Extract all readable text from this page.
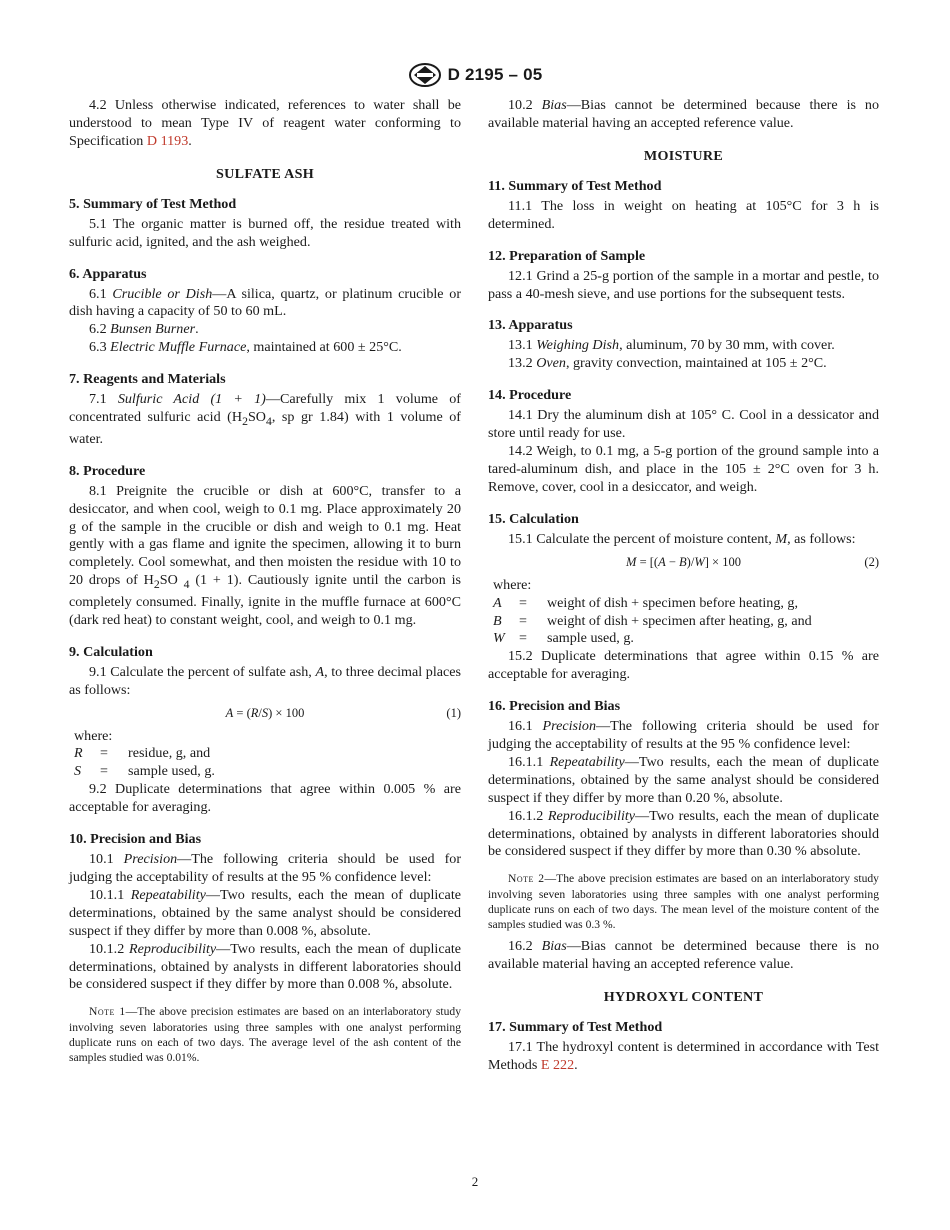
D 2195 – 05

4.2 Unless otherwise indicated, references to water shall be understood to mean Type IV of reagent water conforming to Specification D 1193.

SULFATE ASH
5. Summary of Test Method

5.1 The organic matter is burned off, the residue treated with sulfuric acid, ignited, and the ash weighed.

6. Apparatus

6.1 Crucible or Dish—A silica, quartz, or platinum crucible or dish having a capacity of 50 to 60 mL.

6.2 Bunsen Burner.

6.3 Electric Muffle Furnace, maintained at 600 ± 25°C.

7. Reagents and Materials

7.1 Sulfuric Acid (1 + 1)—Carefully mix 1 volume of concentrated sulfuric acid ($H_2SO_4$, sp gr 1.84) with 1 volume of water.

8. Procedure

8.1 Preignite the crucible or dish at 600°C, transfer to a desiccator, and when cool, weigh to 0.1 mg. Place approximately 20 g of the sample in the crucible or dish and weigh to 0.1 mg. Heat gently with a gas flame and ignite the specimen, allowing it to burn completely. Cool somewhat, and then moisten the residue with 10 to 20 drops of $H_2SO$ $_4$ (1 + 1). Cautiously ignite until the carbon is completely consumed. Finally, ignite in the muffle furnace at 600°C (dark red heat) to constant weight, cool, and weigh to 0.1 mg.

9. Calculation

9.1 Calculate the percent of sulfate ash, A, to three decimal places as follows:

A = (R/S) × 100	(1)
where:
R	=	residue, g, and
S	=	sample used, g.

9.2 Duplicate determinations that agree within 0.005 % are acceptable for averaging.

10. Precision and Bias

10.1 Precision—The following criteria should be used for judging the acceptability of results at the 95 % confidence level:

10.1.1 Repeatability—Two results, each the mean of duplicate determinations, obtained by the same analyst should be considered suspect if they differ by more than 0.008 %, absolute.

10.1.2 Reproducibility—Two results, each the mean of duplicate determinations, obtained by analysts in different laboratories should be considered suspect if they differ by more than 0.008 %, absolute.

Note 1—The above precision estimates are based on an interlaboratory study involving seven laboratories using three samples with one analyst performing duplicate runs on each of two days. The average level of the ash content of the samples studied was 0.01%.

10.2 Bias—Bias cannot be determined because there is no available material having an accepted reference value.

MOISTURE
11. Summary of Test Method

11.1 The loss in weight on heating at 105°C for 3 h is determined.

12. Preparation of Sample

12.1 Grind a 25-g portion of the sample in a mortar and pestle, to pass a 40-mesh sieve, and use portions for the subsequent tests.

13. Apparatus

13.1 Weighing Dish, aluminum, 70 by 30 mm, with cover.

13.2 Oven, gravity convection, maintained at 105 ± 2°C.

14. Procedure

14.1 Dry the aluminum dish at 105° C. Cool in a dessicator and store until ready for use.

14.2 Weigh, to 0.1 mg, a 5-g portion of the ground sample into a tared-aluminum dish, and place in the 105 ± 2°C oven for 3 h. Remove, cover, cool in a desiccator, and weigh.

15. Calculation

15.1 Calculate the percent of moisture content, M, as follows:

M = [(A − B)/W] × 100	(2)
where:
A	=	weight of dish + specimen before heating, g,
B	=	weight of dish + specimen after heating, g, and
W	=	sample used, g.

15.2 Duplicate determinations that agree within 0.15 % are acceptable for averaging.

16. Precision and Bias

16.1 Precision—The following criteria should be used for judging the acceptability of results at the 95 % confidence level:

16.1.1 Repeatability—Two results, each the mean of duplicate determinations, obtained by the same analyst should be considered suspect if they differ by more than 0.20 %, absolute.

16.1.2 Reproducibility—Two results, each the mean of duplicate determinations, obtained by analysts in different laboratories should be considered suspect if they differ by more than 0.30 % absolute.

Note 2—The above precision estimates are based on an interlaboratory study involving seven laboratories using three samples with one analyst performing duplicate runs on each of two days. The mean level of the moisture content of the samples studied was 0.3 %.

16.2 Bias—Bias cannot be determined because there is no available material having an accepted reference value.

HYDROXYL CONTENT
17. Summary of Test Method

17.1 The hydroxyl content is determined in accordance with Test Methods E 222.

2
